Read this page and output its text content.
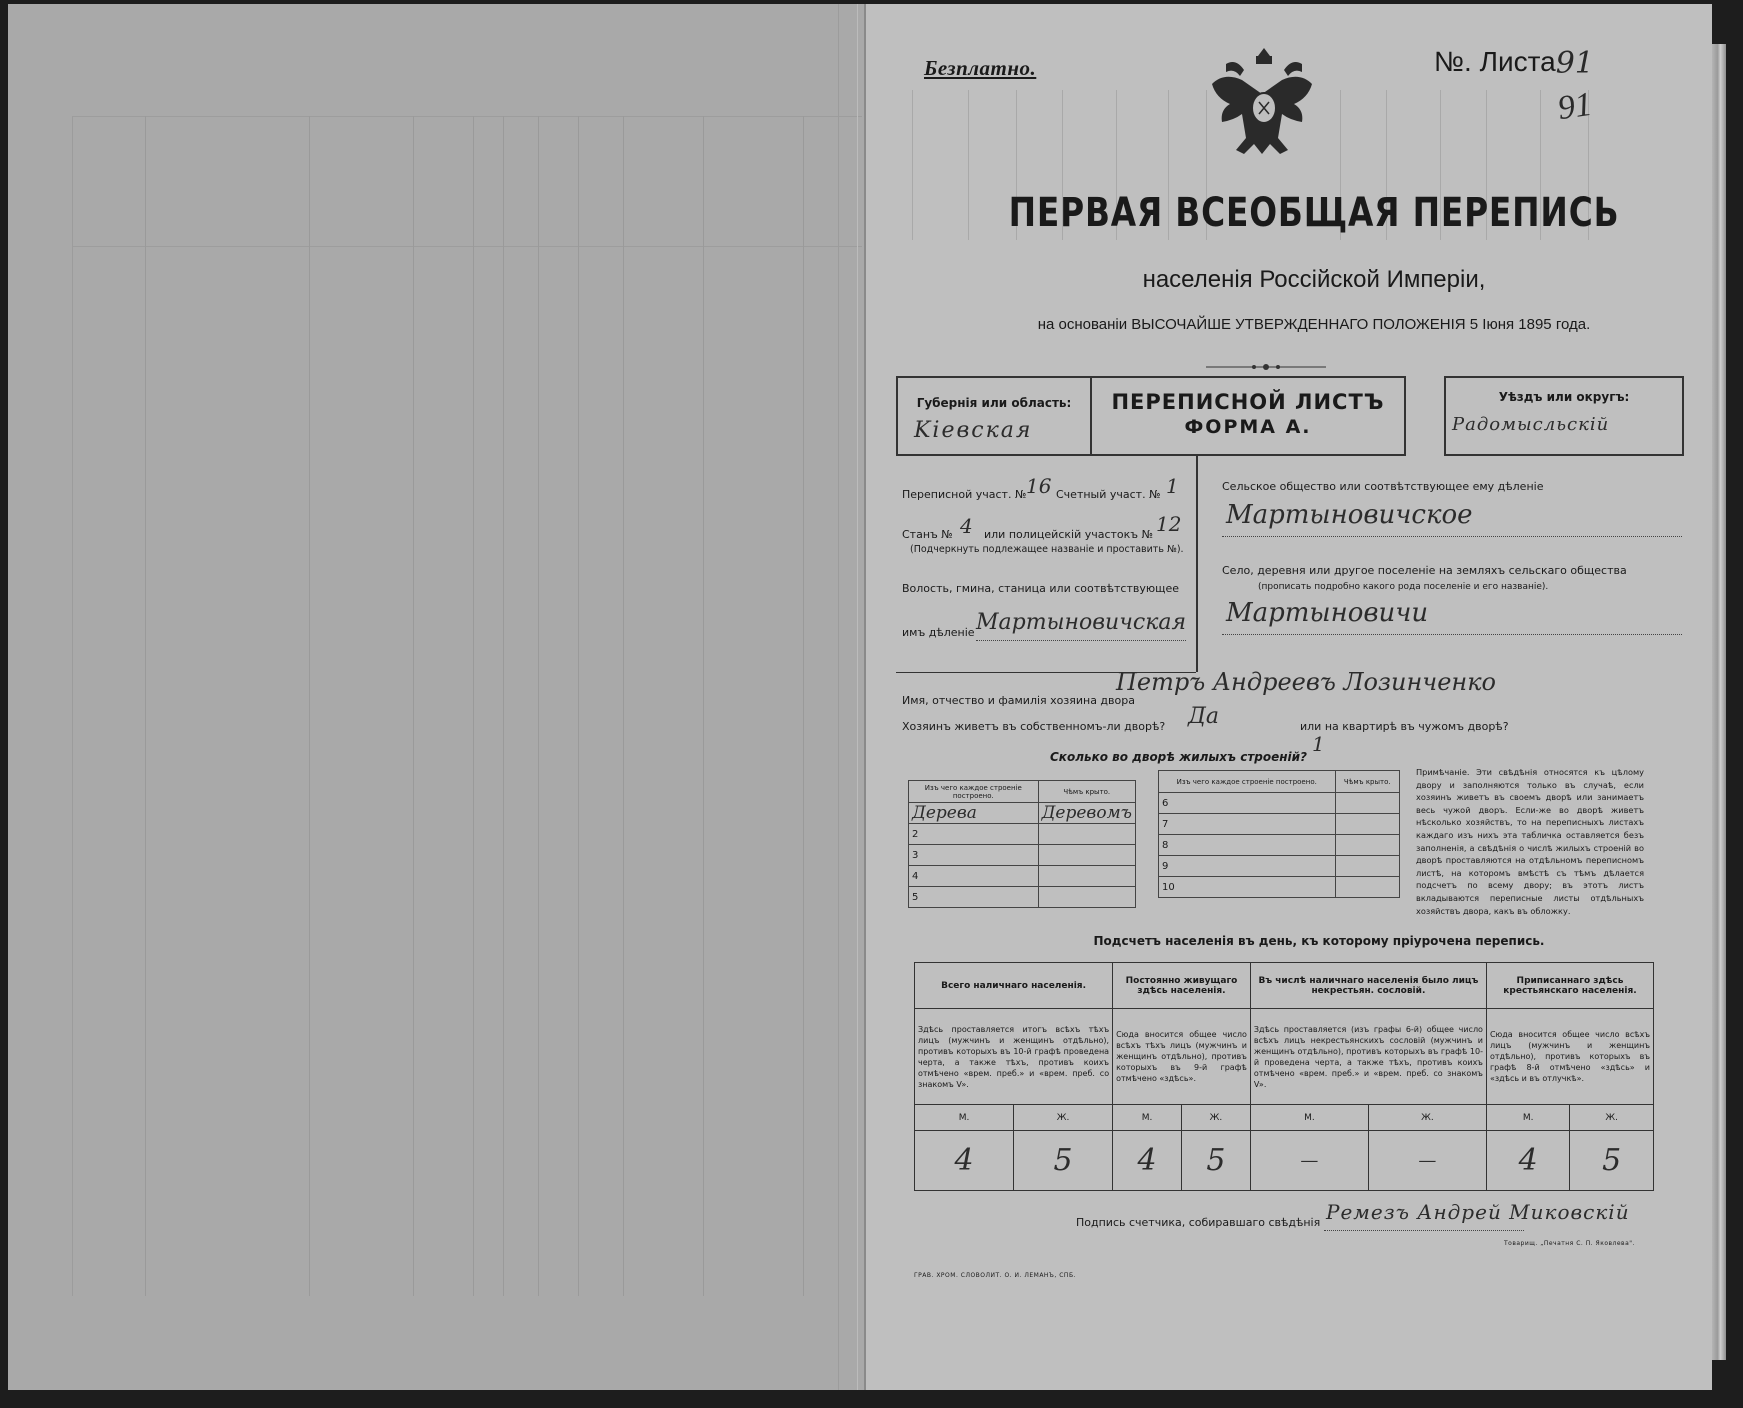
Безплатно.	№. Листа 91
91
ПЕРВАЯ ВСЕОБЩАЯ ПЕРЕПИСЬ
населенія Россійской Имперіи,
на основаніи ВЫСОЧАЙШЕ УТВЕРЖДЕННАГО ПОЛОЖЕНІЯ 5 Іюня 1895 года.
Губернія или область:
Kiевская
ПЕРЕПИСНОЙ ЛИСТЪ
ФОРМА А.
Уѣздъ или округъ:
Радомысльскій
Переписной участ. № 16 Счетный участ. № 1
Станъ № 4 или полицейскій участокъ № 12
(Подчеркнуть подлежащее названіе и проставить №).
Волость, гмина, станица или соотвѣтствующее
имъ дѣленіе Мартыновичская
Сельское общество или соотвѣтствующее ему дѣленіе
Мартыновичское
Село, деревня или другое поселеніе на земляхъ сельскаго общества
(прописать подробно какого рода поселеніе и его названіе).
Мартыновичи
Имя, отчество и фамилія хозяина двора
Петръ Андреевъ Лозинченко
Хозяинъ живетъ въ собственномъ-ли дворѣ? Да	или на квартирѣ въ чужомъ дворѣ?
Сколько во дворѣ жилыхъ строеній?
1
Изъ чего каждое строеніе построено.	Чѣмъ крыто.
Дерева	Деревомъ
2	
3	
4	
5	
Изъ чего каждое строеніе построено.	Чѣмъ крыто.
6	
7	
8	
9	
10	
Примѣчаніе. Эти свѣдѣнія относятся къ цѣлому двору и заполняются только въ случаѣ, если хозяинъ живетъ въ своемъ дворѣ или занимаетъ весь чужой дворъ. Если-же во дворѣ живетъ нѣсколько хозяйствъ, то на переписныхъ листахъ каждаго изъ нихъ эта табличка оставляется безъ заполненія, а свѣдѣнія о числѣ жилыхъ строеній во дворѣ проставляются на отдѣльномъ переписномъ листѣ, на которомъ вмѣстѣ съ тѣмъ дѣлается подсчетъ по всему двору; въ этотъ листъ вкладываются переписные листы отдѣльныхъ хозяйствъ двора, какъ въ обложку.
Подсчетъ населенія въ день, къ которому пріурочена перепись.
Всего наличнаго населенія.		Постоянно живущаго здѣсь населенія.		Въ числѣ наличнаго населенія было лицъ некрестьян. сословій.		Приписаннаго здѣсь крестьянскаго населенія.	
Здѣсь проставляется итогъ всѣхъ тѣхъ лицъ (мужчинъ и женщинъ отдѣльно), противъ которыхъ въ 10-й графѣ проведена черта, а также тѣхъ, противъ коихъ отмѣчено «врем. преб.» и «врем. преб. со знакомъ V».		Сюда вносится общее число всѣхъ тѣхъ лицъ (мужчинъ и женщинъ отдѣльно), противъ которыхъ въ 9-й графѣ отмѣчено «здѣсь».		Здѣсь проставляется (изъ графы 6-й) общее число всѣхъ лицъ некрестьянскихъ сословій (мужчинъ и женщинъ отдѣльно), противъ которыхъ въ графѣ 10-й проведена черта, а также тѣхъ, противъ коихъ отмѣчено «врем. преб.» и «врем. преб. со знакомъ V».		Сюда вносится общее число всѣхъ лицъ (мужчинъ и женщинъ отдѣльно), противъ которыхъ въ графѣ 8-й отмѣчено «здѣсь» и «здѣсь и въ отлучкѣ».	
М.	Ж.	М.	Ж.	М.	Ж.	М.	Ж.
4	5	4	5	—	—	4	5
Подпись счетчика, собиравшаго свѣдѣнія Ремезъ Андрей Миковскій
ГРАВ. ХРОМ. СЛОВОЛИТ. О. И. ЛЕМАНЪ, СПБ.
Товарищ. „Печатня С. П. Яковлева".
